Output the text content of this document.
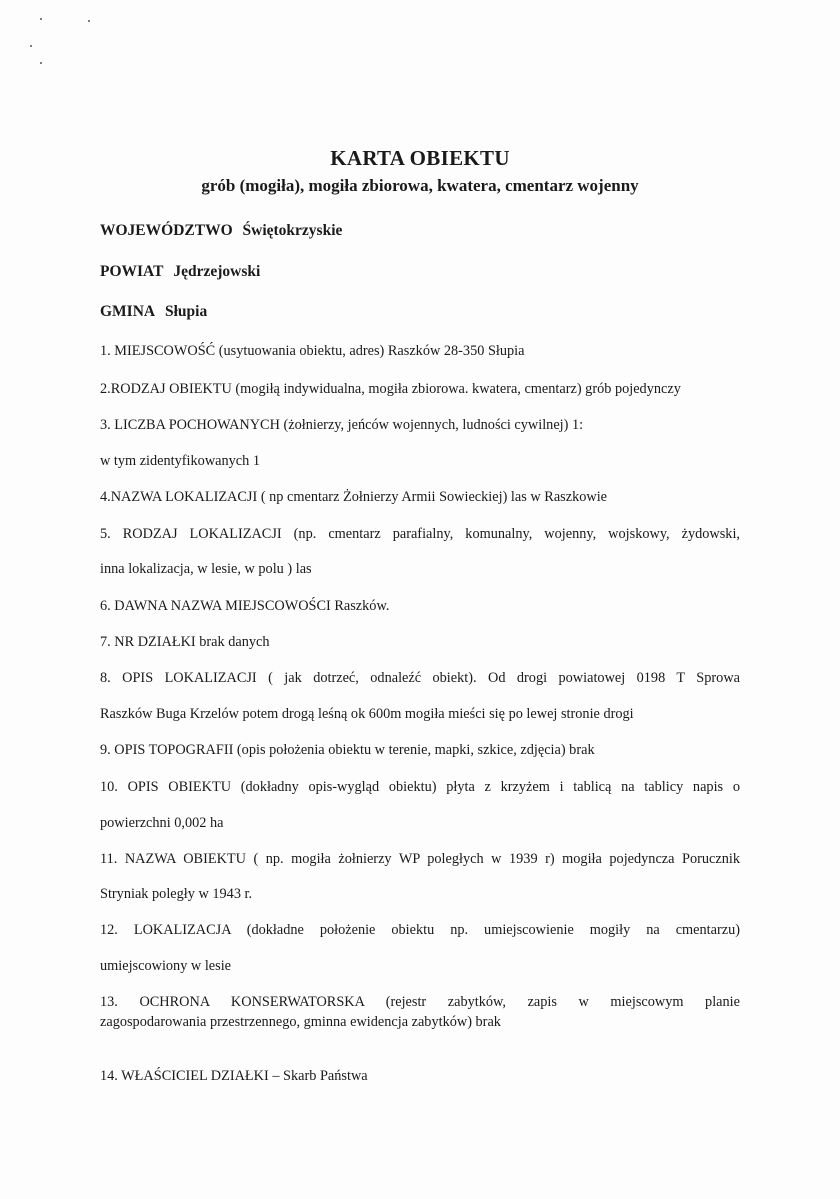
KARTA OBIEKTU
grób (mogiła), mogiła zbiorowa, kwatera, cmentarz wojenny
WOJEWÓDZTWO Świętokrzyskie
POWIAT Jędrzejowski
GMINA Słupia
1. MIEJSCOWOŚĆ (usytuowania obiektu, adres) Raszków 28-350 Słupia
2.RODZAJ OBIEKTU (mogiłą indywidualna, mogiła zbiorowa. kwatera, cmentarz) grób pojedynczy
3. LICZBA POCHOWANYCH (żołnierzy, jeńców wojennych, ludności cywilnej) 1:
w tym zidentyfikowanych 1
4.NAZWA LOKALIZACJI ( np cmentarz Żołnierzy Armii Sowieckiej) las w Raszkowie
5. RODZAJ LOKALIZACJI (np. cmentarz parafialny, komunalny, wojenny, wojskowy, żydowski,
inna lokalizacja, w lesie, w polu ) las
6. DAWNA NAZWA MIEJSCOWOŚCI Raszków.
7. NR DZIAŁKI brak danych
8. OPIS LOKALIZACJI ( jak dotrzeć, odnaleźć obiekt). Od drogi powiatowej 0198 T Sprowa
Raszków Buga Krzelów potem drogą leśną ok 600m mogiła mieści się po lewej stronie drogi
9. OPIS TOPOGRAFII (opis położenia obiektu w terenie, mapki, szkice, zdjęcia) brak
10. OPIS OBIEKTU (dokładny opis-wygląd obiektu) płyta z krzyżem i tablicą na tablicy napis o
powierzchni 0,002 ha
11. NAZWA OBIEKTU ( np. mogiła żołnierzy WP poległych w 1939 r) mogiła pojedyncza Porucznik
Stryniak poległy w 1943 r.
12. LOKALIZACJA (dokładne położenie obiektu np. umiejscowienie mogiły na cmentarzu)
umiejscowiony w lesie
13. OCHRONA KONSERWATORSKA (rejestr zabytków, zapis w miejscowym planie
zagospodarowania przestrzennego, gminna ewidencja zabytków) brak
14. WŁAŚCICIEL DZIAŁKI – Skarb Państwa
